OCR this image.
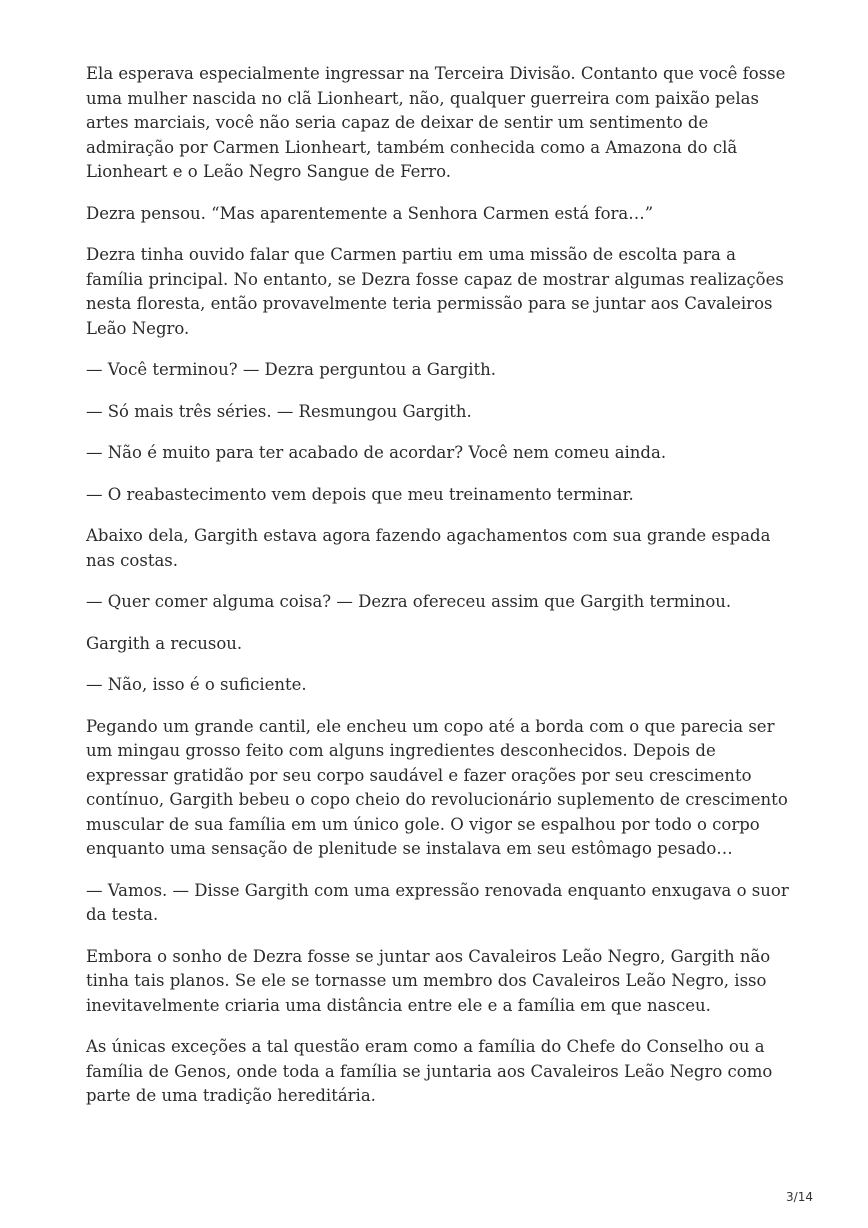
Ela esperava especialmente ingressar na Terceira Divisão. Contanto que você fosse uma mulher nascida no clã Lionheart, não, qualquer guerreira com paixão pelas artes marciais, você não seria capaz de deixar de sentir um sentimento de admiração por Carmen Lionheart, também conhecida como a Amazona do clã Lionheart e o Leão Negro Sangue de Ferro.

Dezra pensou. “Mas aparentemente a Senhora Carmen está fora…”

Dezra tinha ouvido falar que Carmen partiu em uma missão de escolta para a família principal. No entanto, se Dezra fosse capaz de mostrar algumas realizações nesta floresta, então provavelmente teria permissão para se juntar aos Cavaleiros Leão Negro.

— Você terminou? — Dezra perguntou a Gargith.

— Só mais três séries. — Resmungou Gargith.

— Não é muito para ter acabado de acordar? Você nem comeu ainda.

— O reabastecimento vem depois que meu treinamento terminar.

Abaixo dela, Gargith estava agora fazendo agachamentos com sua grande espada nas costas.

— Quer comer alguma coisa? — Dezra ofereceu assim que Gargith terminou.

Gargith a recusou.

— Não, isso é o suficiente.

Pegando um grande cantil, ele encheu um copo até a borda com o que parecia ser um mingau grosso feito com alguns ingredientes desconhecidos. Depois de expressar gratidão por seu corpo saudável e fazer orações por seu crescimento contínuo, Gargith bebeu o copo cheio do revolucionário suplemento de crescimento muscular de sua família em um único gole. O vigor se espalhou por todo o corpo enquanto uma sensação de plenitude se instalava em seu estômago pesado…

— Vamos. — Disse Gargith com uma expressão renovada enquanto enxugava o suor da testa.

Embora o sonho de Dezra fosse se juntar aos Cavaleiros Leão Negro, Gargith não tinha tais planos. Se ele se tornasse um membro dos Cavaleiros Leão Negro, isso inevitavelmente criaria uma distância entre ele e a família em que nasceu.

As únicas exceções a tal questão eram como a família do Chefe do Conselho ou a família de Genos, onde toda a família se juntaria aos Cavaleiros Leão Negro como parte de uma tradição hereditária.

3/14
